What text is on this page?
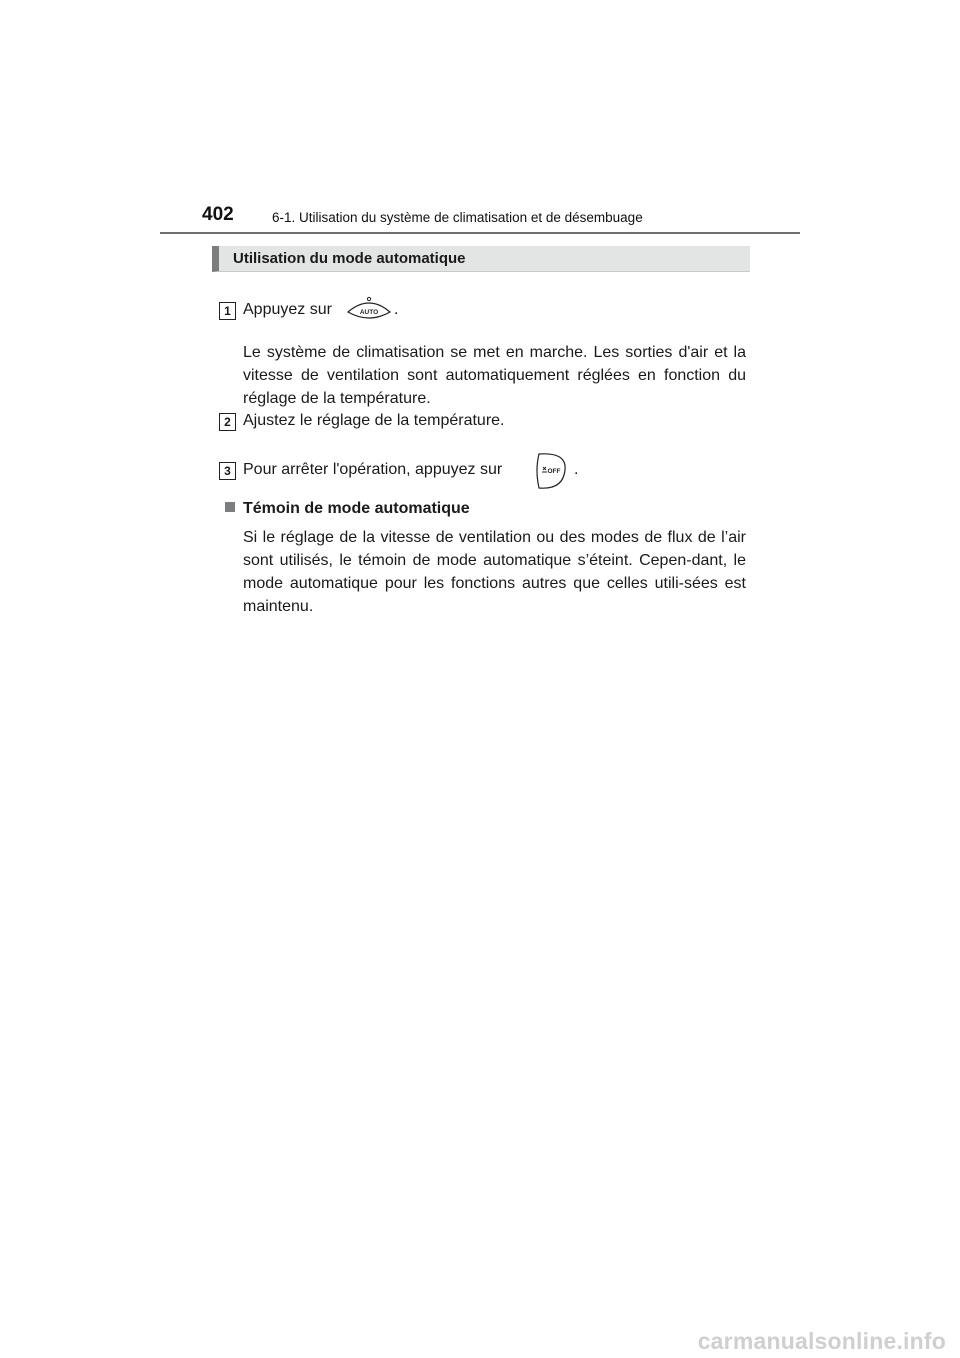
402	6-1. Utilisation du système de climatisation et de désembuage
Utilisation du mode automatique
1 Appuyez sur	AUTO .
Le système de climatisation se met en marche. Les sorties d'air et la vitesse de ventilation sont automatiquement réglées en fonction du réglage de la température.
2 Ajustez le réglage de la température.
3 Pour arrêter l'opération, appuyez sur	OFF .
Témoin de mode automatique
Si le réglage de la vitesse de ventilation ou des modes de flux de l’air sont utilisés, le témoin de mode automatique s’éteint. Cepen-dant, le mode automatique pour les fonctions autres que celles utili-sées est maintenu.
carmanualsonline.info
